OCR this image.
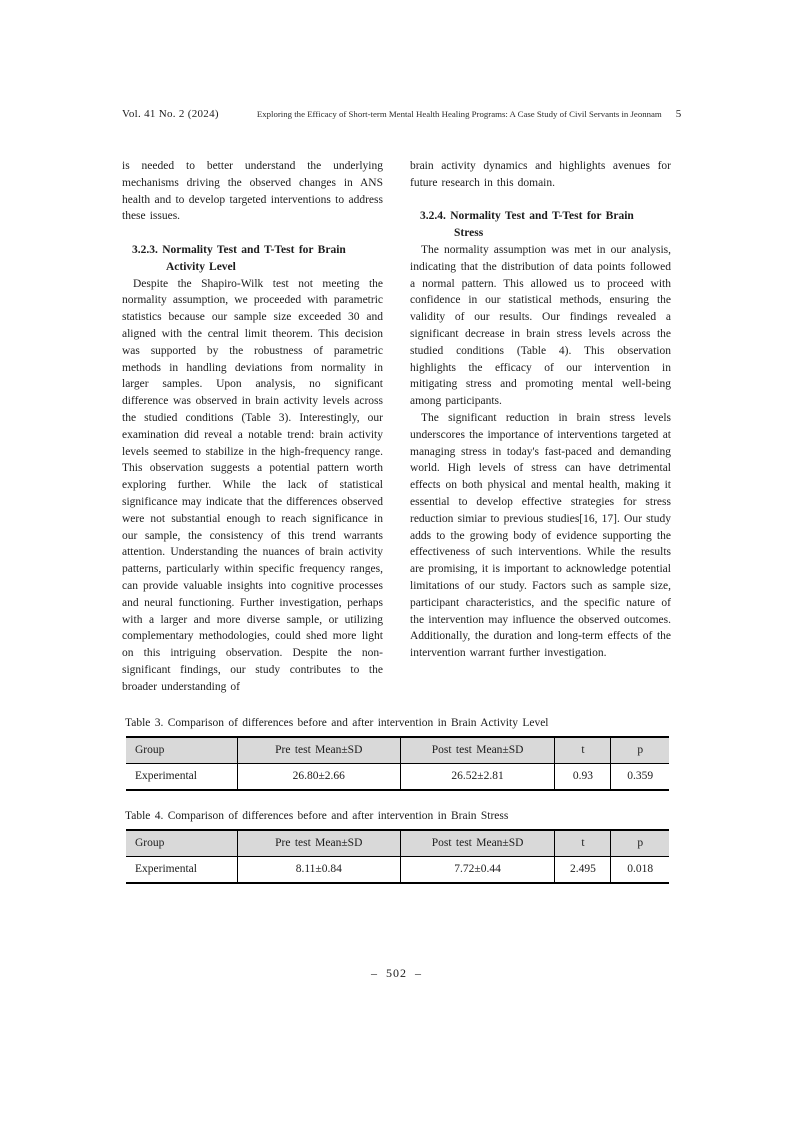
Vol. 41 No. 2 (2024)	Exploring the Efficacy of Short-term Mental Health Healing Programs: A Case Study of Civil Servants in Jeonnam 5

is needed to better understand the underlying mechanisms driving the observed changes in ANS health and to develop targeted interventions to address these issues.

3.2.3. Normality Test and T-Test for Brain
Activity Level

Despite the Shapiro-Wilk test not meeting the normality assumption, we proceeded with parametric statistics because our sample size exceeded 30 and aligned with the central limit theorem. This decision was supported by the robustness of parametric methods in handling deviations from normality in larger samples. Upon analysis, no significant difference was observed in brain activity levels across the studied conditions (Table 3). Interestingly, our examination did reveal a notable trend: brain activity levels seemed to stabilize in the high-frequency range. This observation suggests a potential pattern worth exploring further. While the lack of statistical significance may indicate that the differences observed were not substantial enough to reach significance in our sample, the consistency of this trend warrants attention. Understanding the nuances of brain activity patterns, particularly within specific frequency ranges, can provide valuable insights into cognitive processes and neural functioning. Further investigation, perhaps with a larger and more diverse sample, or utilizing complementary methodologies, could shed more light on this intriguing observation. Despite the non-significant findings, our study contributes to the broader understanding of

brain activity dynamics and highlights avenues for future research in this domain.

3.2.4. Normality Test and T-Test for Brain
Stress

The normality assumption was met in our analysis, indicating that the distribution of data points followed a normal pattern. This allowed us to proceed with confidence in our statistical methods, ensuring the validity of our results. Our findings revealed a significant decrease in brain stress levels across the studied conditions (Table 4). This observation highlights the efficacy of our intervention in mitigating stress and promoting mental well-being among participants.

The significant reduction in brain stress levels underscores the importance of interventions targeted at managing stress in today's fast-paced and demanding world. High levels of stress can have detrimental effects on both physical and mental health, making it essential to develop effective strategies for stress reduction simiar to previous studies[16, 17]. Our study adds to the growing body of evidence supporting the effectiveness of such interventions. While the results are promising, it is important to acknowledge potential limitations of our study. Factors such as sample size, participant characteristics, and the specific nature of the intervention may influence the observed outcomes. Additionally, the duration and long-term effects of the intervention warrant further investigation.

Table 3. Comparison of differences before and after intervention in Brain Activity Level

Group	Pre test Mean±SD	Post test Mean±SD	t	p
Experimental	26.80±2.66	26.52±2.81	0.93	0.359

Table 4. Comparison of differences before and after intervention in Brain Stress

Group	Pre test Mean±SD	Post test Mean±SD	t	p
Experimental	8.11±0.84	7.72±0.44	2.495	0.018
– 502 –
